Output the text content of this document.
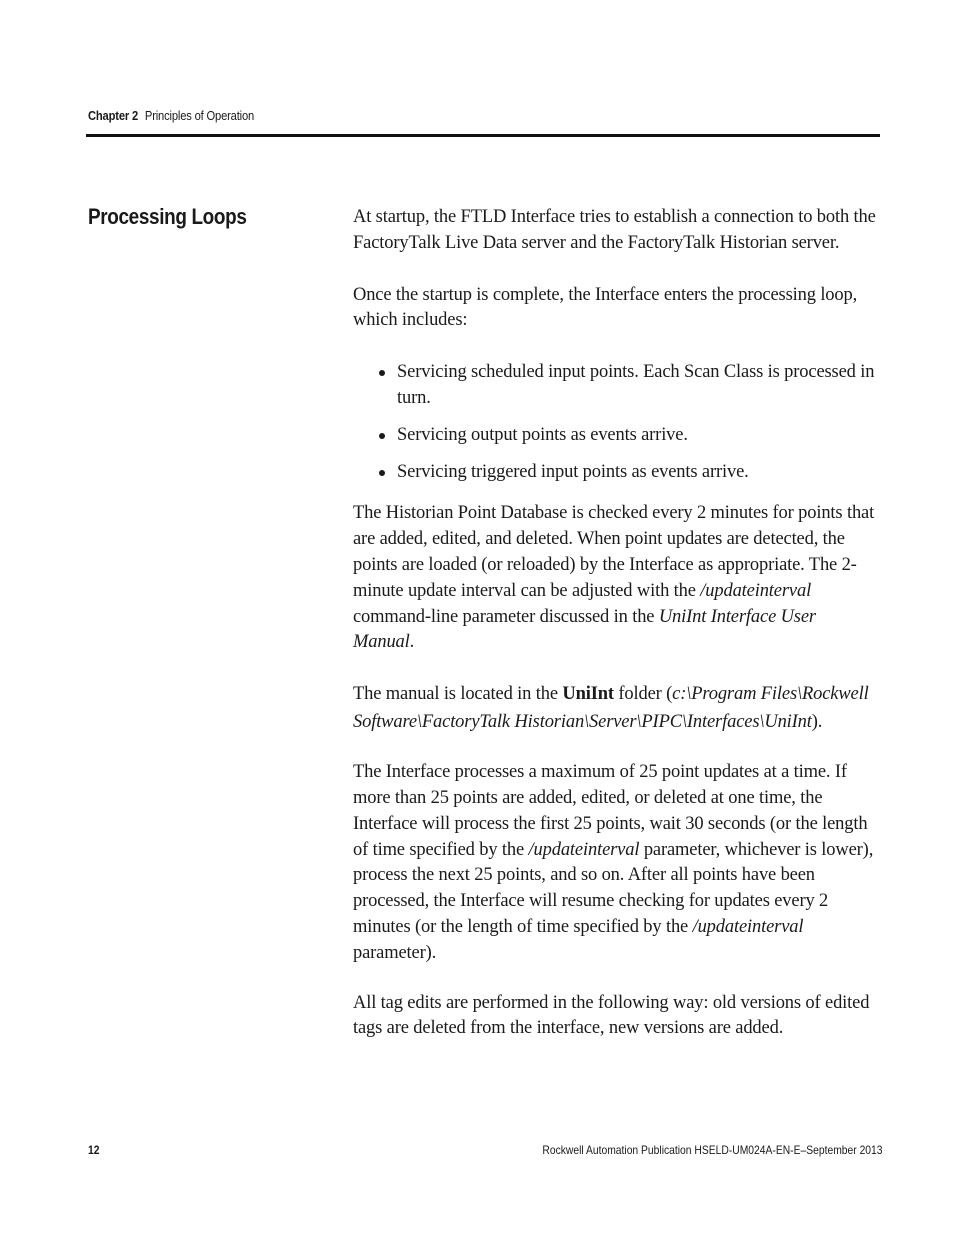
Chapter 2 Principles of Operation
Processing Loops	At startup, the FTLD Interface tries to establish a connection to both the FactoryTalk Live Data server and the FactoryTalk Historian server.

Once the startup is complete, the Interface enters the processing loop, which includes:

Servicing scheduled input points. Each Scan Class is processed in turn.
Servicing output points as events arrive.
Servicing triggered input points as events arrive.

The Historian Point Database is checked every 2 minutes for points that are added, edited, and deleted. When point updates are detected, the points are loaded (or reloaded) by the Interface as appropriate. The 2-minute update interval can be adjusted with the /updateinterval command-line parameter discussed in the UniInt Interface User Manual.

The manual is located in the UniInt folder (c:\Program Files\Rockwell Software\FactoryTalk Historian\Server\PIPC\Interfaces\UniInt).

The Interface processes a maximum of 25 point updates at a time. If more than 25 points are added, edited, or deleted at one time, the Interface will process the first 25 points, wait 30 seconds (or the length of time specified by the /updateinterval parameter, whichever is lower), process the next 25 points, and so on. After all points have been processed, the Interface will resume checking for updates every 2 minutes (or the length of time specified by the /updateinterval parameter).

All tag edits are performed in the following way: old versions of edited tags are deleted from the interface, new versions are added.

12	Rockwell Automation Publication HSELD-UM024A-EN-E–September 2013
